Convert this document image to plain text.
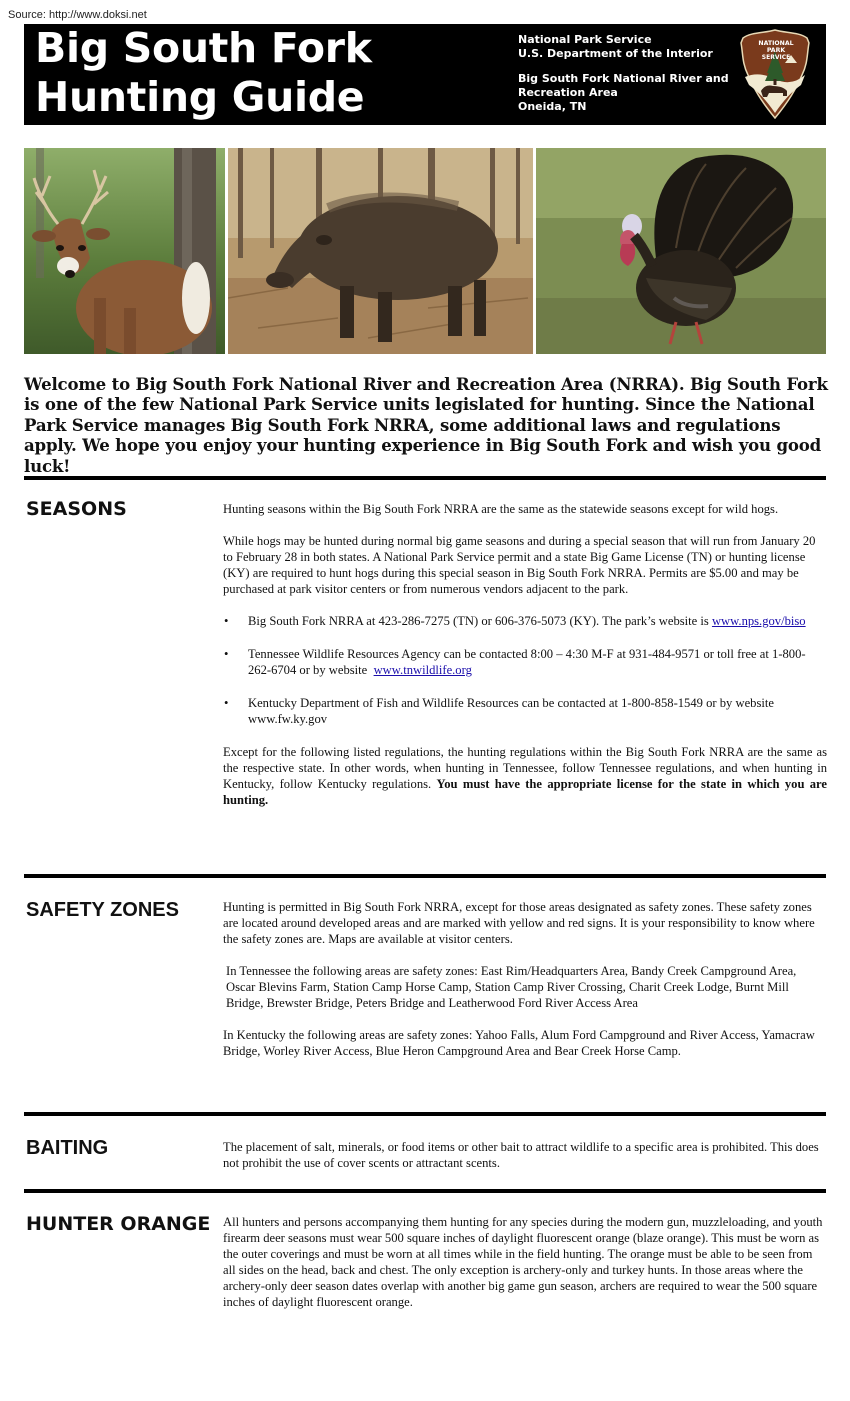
Source: http://www.doksi.net
Big South Fork
Hunting Guide
National Park Service
U.S. Department of the Interior
Big South Fork National River and
Recreation Area
Oneida, TN
NATIONAL
PARK
SERVICE

Welcome to Big South Fork National River and Recreation Area (NRRA). Big South Fork is one of the few National Park Service units legislated for hunting. Since the National Park Service manages Big South Fork NRRA, some additional laws and regulations apply. We hope you enjoy your hunting experience in Big South Fork and wish you good luck!

SEASONS	Hunting seasons within the Big South Fork NRRA are the same as the statewide seasons except for wild hogs.

While hogs may be hunted during normal big game seasons and during a special season that will run from January 20 to February 28 in both states. A National Park Service permit and a state Big Game License (TN) or hunting license (KY) are required to hunt hogs during this special season in Big South Fork NRRA. Permits are $5.00 and may be purchased at park visitor centers or from numerous vendors adjacent to the park.

• Big South Fork NRRA at 423-286-7275 (TN) or 606-376-5073 (KY). The park’s website is www.nps.gov/biso
• Tennessee Wildlife Resources Agency can be contacted 8:00 – 4:30 M-F at 931-484-9571 or toll free at 1-800-262-6704 or by website www.tnwildlife.org
• Kentucky Department of Fish and Wildlife Resources can be contacted at 1-800-858-1549 or by website www.fw.ky.gov

Except for the following listed regulations, the hunting regulations within the Big South Fork NRRA are the same as the respective state. In other words, when hunting in Tennessee, follow Tennessee regulations, and when hunting in Kentucky, follow Kentucky regulations. You must have the appropriate license for the state in which you are hunting.

SAFETY ZONES	Hunting is permitted in Big South Fork NRRA, except for those areas designated as safety zones. These safety zones are located around developed areas and are marked with yellow and red signs. It is your responsibility to know where the safety zones are. Maps are available at visitor centers.

In Tennessee the following areas are safety zones: East Rim/Headquarters Area, Bandy Creek Campground Area, Oscar Blevins Farm, Station Camp Horse Camp, Station Camp River Crossing, Charit Creek Lodge, Burnt Mill Bridge, Brewster Bridge, Peters Bridge and Leatherwood Ford River Access Area

In Kentucky the following areas are safety zones: Yahoo Falls, Alum Ford Campground and River Access, Yamacraw Bridge, Worley River Access, Blue Heron Campground Area and Bear Creek Horse Camp.

BAITING	The placement of salt, minerals, or food items or other bait to attract wildlife to a specific area is prohibited. This does not prohibit the use of cover scents or attractant scents.

HUNTER ORANGE All hunters and persons accompanying them hunting for any species during the modern gun, muzzleloading, and youth firearm deer seasons must wear 500 square inches of daylight fluorescent orange (blaze orange). This must be worn as the outer coverings and must be worn at all times while in the field hunting. The orange must be able to be seen from all sides on the head, back and chest. The only exception is archery-only and turkey hunts. In those areas where the archery-only deer season dates overlap with another big game gun season, archers are required to wear the 500 square inches of daylight fluorescent orange.
